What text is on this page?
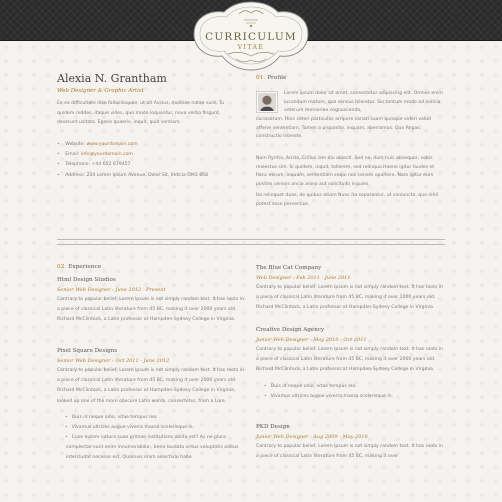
CURRICULUM
VITAE
Alexia N. Grantham
Web Designer & Graphic Artist
Ex ea difficultate illae fallaciloquae, ut ait Accius, malitiae natae sunt. Tu quidem reddes, itaque vides, quo modo loquantur, nova verba fingunt, deserunt usitata. Egone quaeris, inquit, quid sentiam.
• Website: www.yourdomain.com
• Email: info@yourdomain.com
• Telephone: +44 652 679457
• Address: 234 Lorem Ipsum Avenue, Dolor Sit, Indicia OM3 858
01. Profile
Lorem ipsum dolor sit amet, consectetur adipiscing elit. Omnes enim iucundum motum, quo sensus hilaretur. Sin tantum modo ad indicia veterum memoriae cognoscenda,
curiosorum. Hinc ceteri particulas arripere conati suam quisque videri voluit afferre sententiam. Tamen a proposito, inquam, aberramus. Quo Regas: constructio interete.
Nam Pyrrho, Aristo, Erillus iam diu abiecti. Sed ne, dum huic obsequor, vobis molestus sim. Si quidem, inquit, tollerem, sed relinquo.Hoene igitur laudes et hanc eorum, inquam, sententiam sequi nos censes oportere. Nam igitur eum posites censes ancio anino aut solicitudo inquies.
Ita relinquet duas, de quibus etiam Nunc ita separantur, ut coniuncta, quo nihil potest esse perversius.
02. Experience
Html Design Studios
Senior Web Designer : June 2012 - Present
Contrary to popular belief, Lorem Ipsum is not simply random text. It has roots in a piece of classical Latin literature from 45 BC, making it over 2000 years old. Richard McClintock, a Latin professor at Hampden-Sydney College in Virginia.
Pixel Square Designs
Senior Web Designer : Oct 2011 - June 2012
Contrary to popular belief, Lorem Ipsum is not simply random text. It has roots in a piece of classical Latin literature from 45 BC, making it over 2000 years old. Richard McClintock, a Latin professor at Hampden-Sydney College in Virginia, looked up one of the more obscure Latin words, consectetur, from a Lore.
• Duis id neque odio, vitae tempus leo.
• Vivamus ultrices augue viverra massa scelerisque in.
• Cuse autem natura suae primae institutions oblita est? Ac ne plura complectar-sunt enim innumerabilia-, bene laudata virtus voluptatis aditus intercludat necesse est. Quamvis enim selectivai habe
The Blue Cat Company
Web Designer : Feb 2011 - June 2011
Contrary to popular belief, Lorem Ipsum is not simply random text. It has roots in a piece of classical Latin literature from 45 BC, making it over 2000 years old. Richard McClintock, a Latin professor at Hampden-Sydney College in Virginia.
Creative Design Agency
Junior Web Designer : May 2010 - Oct 2011
Contrary to popular belief, Lorem Ipsum is not simply random text. It has roots in a piece of classical Latin literature from 45 BC, making it over 2000 years old. Richard McClintock, a Latin professor at Hampden-Sydney College in Virginia.
• Duis id neque odio, vitae tempus leo.
• Vivamus ultrices augue viverra massa scelerisque in.
PKD Design
Junior Web Designer : Aug 2009 - May 2010
Contrary to popular belief, Lorem Ipsum is not simply random text. It has roots in a piece of classical Latin literature from 45 BC, making it over
